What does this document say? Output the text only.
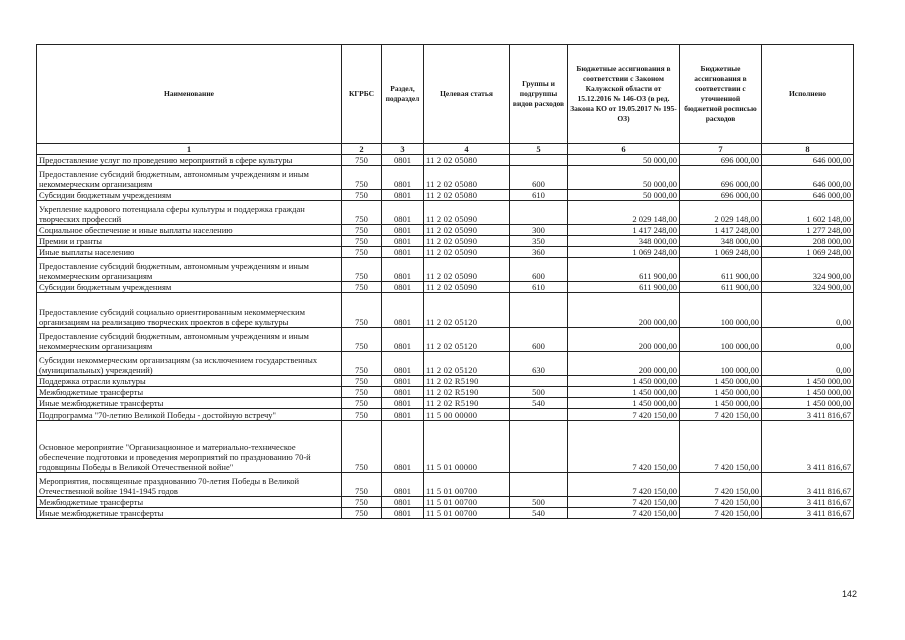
Наименование	КГРБС	Раздел, подраздел	Целевая статья	Группы и подгруппы видов расходов	Бюджетные ассигнования в соответствии с Законом Калужской области от 15.12.2016 № 146-ОЗ (в ред. Закона КО от 19.05.2017 № 195-ОЗ)	Бюджетные ассигнования в соответствии с уточненной бюджетной росписью расходов	Исполнено
1	2	3	4	5	6	7	8
Предоставление услуг по проведению мероприятий в сфере культуры	750	0801	11 2 02 05080		50 000,00	696 000,00	646 000,00
Предоставление субсидий бюджетным, автономным учреждениям и иным некоммерческим организациям	750	0801	11 2 02 05080	600	50 000,00	696 000,00	646 000,00
Субсидии бюджетным учреждениям	750	0801	11 2 02 05080	610	50 000,00	696 000,00	646 000,00
Укрепление кадрового потенциала сферы культуры и поддержка граждан творческих профессий	750	0801	11 2 02 05090		2 029 148,00	2 029 148,00	1 602 148,00
Социальное обеспечение и иные выплаты населению	750	0801	11 2 02 05090	300	1 417 248,00	1 417 248,00	1 277 248,00
Премии и гранты	750	0801	11 2 02 05090	350	348 000,00	348 000,00	208 000,00
Иные выплаты населению	750	0801	11 2 02 05090	360	1 069 248,00	1 069 248,00	1 069 248,00
Предоставление субсидий бюджетным, автономным учреждениям и иным некоммерческим организациям	750	0801	11 2 02 05090	600	611 900,00	611 900,00	324 900,00
Субсидии бюджетным учреждениям	750	0801	11 2 02 05090	610	611 900,00	611 900,00	324 900,00
Предоставление субсидий социально ориентированным некоммерческим организациям на реализацию творческих проектов в сфере культуры	750	0801	11 2 02 05120		200 000,00	100 000,00	0,00
Предоставление субсидий бюджетным, автономным учреждениям и иным некоммерческим организациям	750	0801	11 2 02 05120	600	200 000,00	100 000,00	0,00
Субсидии некоммерческим организациям (за исключением государственных (муниципальных) учреждений)	750	0801	11 2 02 05120	630	200 000,00	100 000,00	0,00
Поддержка отрасли культуры	750	0801	11 2 02 R5190		1 450 000,00	1 450 000,00	1 450 000,00
Межбюджетные трансферты	750	0801	11 2 02 R5190	500	1 450 000,00	1 450 000,00	1 450 000,00
Иные межбюджетные трансферты	750	0801	11 2 02 R5190	540	1 450 000,00	1 450 000,00	1 450 000,00
Подпрограмма "70-летию Великой Победы - достойную встречу"	750	0801	11 5 00 00000		7 420 150,00	7 420 150,00	3 411 816,67
Основное мероприятие "Организационное и материально-техническое обеспечение подготовки и проведения мероприятий по празднованию 70-й годовщины Победы в Великой Отечественной войне"	750	0801	11 5 01 00000		7 420 150,00	7 420 150,00	3 411 816,67
Мероприятия, посвященные празднованию 70-летия Победы в Великой Отечественной войне 1941-1945 годов	750	0801	11 5 01 00700		7 420 150,00	7 420 150,00	3 411 816,67
Межбюджетные трансферты	750	0801	11 5 01 00700	500	7 420 150,00	7 420 150,00	3 411 816,67
Иные межбюджетные трансферты	750	0801	11 5 01 00700	540	7 420 150,00	7 420 150,00	3 411 816,67
142
